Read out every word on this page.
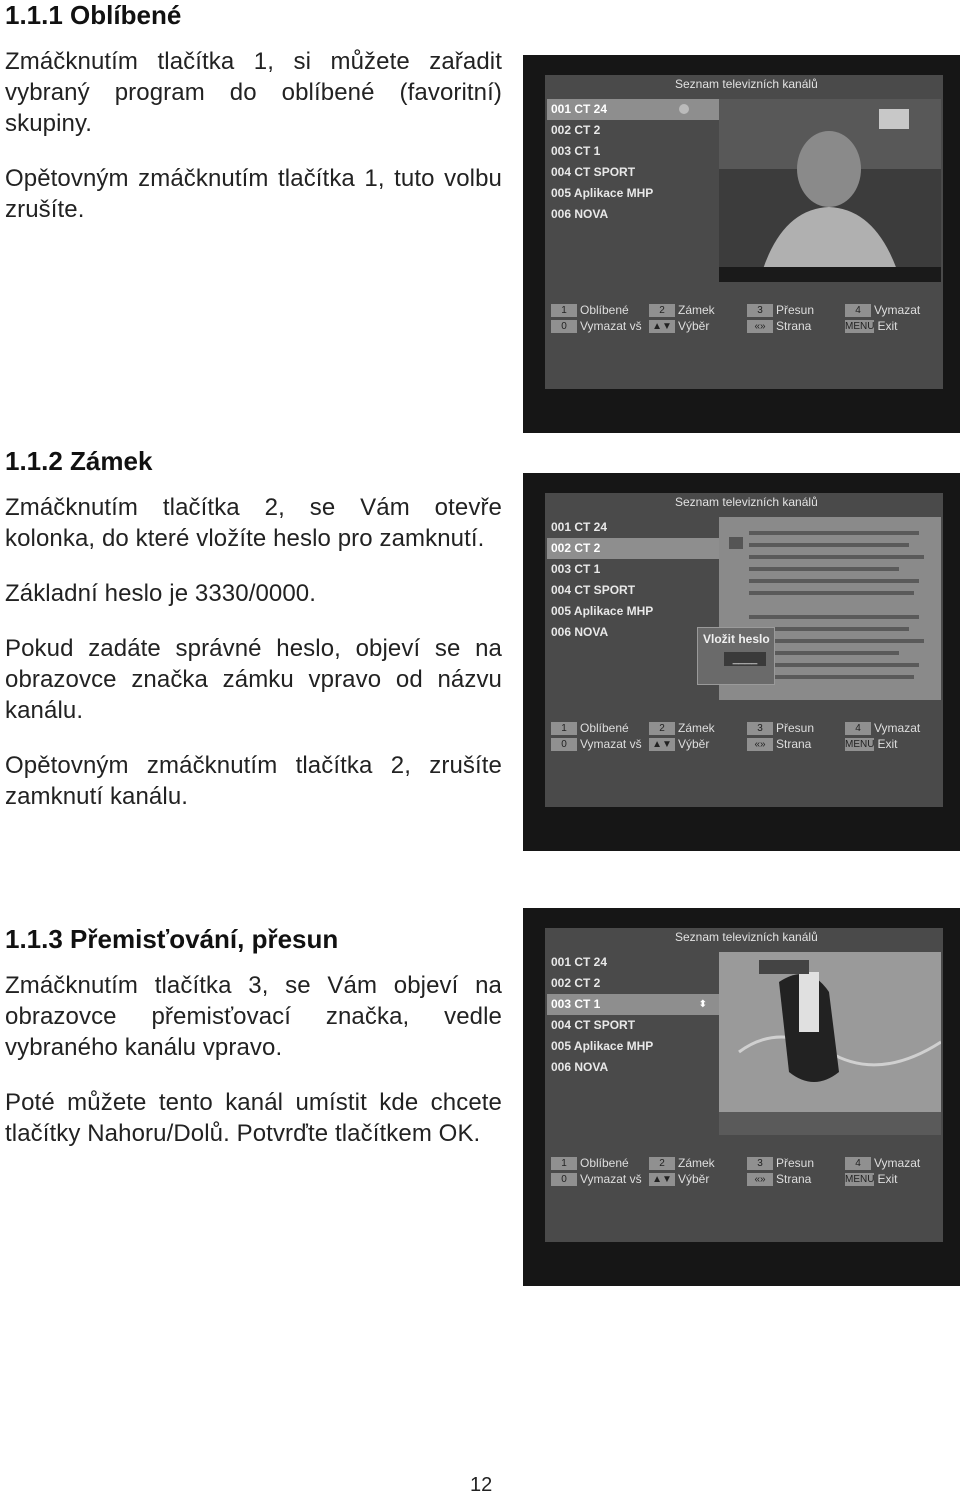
1.1.1 Oblíbené

Zmáčknutím tlačítka 1, si můžete zařadit vybraný program do oblíbené (favoritní) skupiny.

Opětovným zmáčknutím tlačítka 1, tuto volbu zrušíte.

1.1.2 Zámek

Zmáčknutím tlačítka 2, se Vám otevře kolonka, do které vložíte heslo pro zamknutí.

Základní heslo je 3330/0000.

Pokud zadáte správné heslo, objeví se na obrazovce značka zámku vpravo od názvu kanálu.

Opětovným zmáčknutím tlačítka 2, zrušíte zamknutí kanálu.

1.1.3 Přemisťování, přesun

Zmáčknutím tlačítka 3, se Vám objeví na obrazovce přemisťovací značka, vedle vybraného kanálu vpravo.

Poté můžete tento kanál umístit kde chcete tlačítky Nahoru/Dolů. Potvrďte tlačítkem OK.

Seznam televizních kanálů
001 CT 24
002 CT 2
003 CT 1
004 CT SPORT
005 Aplikace MHP
006 NOVA
1 Oblíbené	2 Zámek	3 Přesun	4 Vymazat
0 Vymazat vš	▲▼ Výběr	«» Strana	MENU Exit
Seznam televizních kanálů
001 CT 24
002 CT 2
003 CT 1
004 CT SPORT
005 Aplikace MHP
006 NOVA	Vložit heslo
____
1 Oblíbené	2 Zámek	3 Přesun	4 Vymazat
0 Vymazat vš	▲▼ Výběr	«» Strana	MENU Exit
Seznam televizních kanálů
001 CT 24
002 CT 2
003 CT 1	⬍
004 CT SPORT
005 Aplikace MHP
006 NOVA
1 Oblíbené	2 Zámek	3 Přesun	4 Vymazat
0 Vymazat vš	▲▼ Výběr	«» Strana	MENU Exit
12
